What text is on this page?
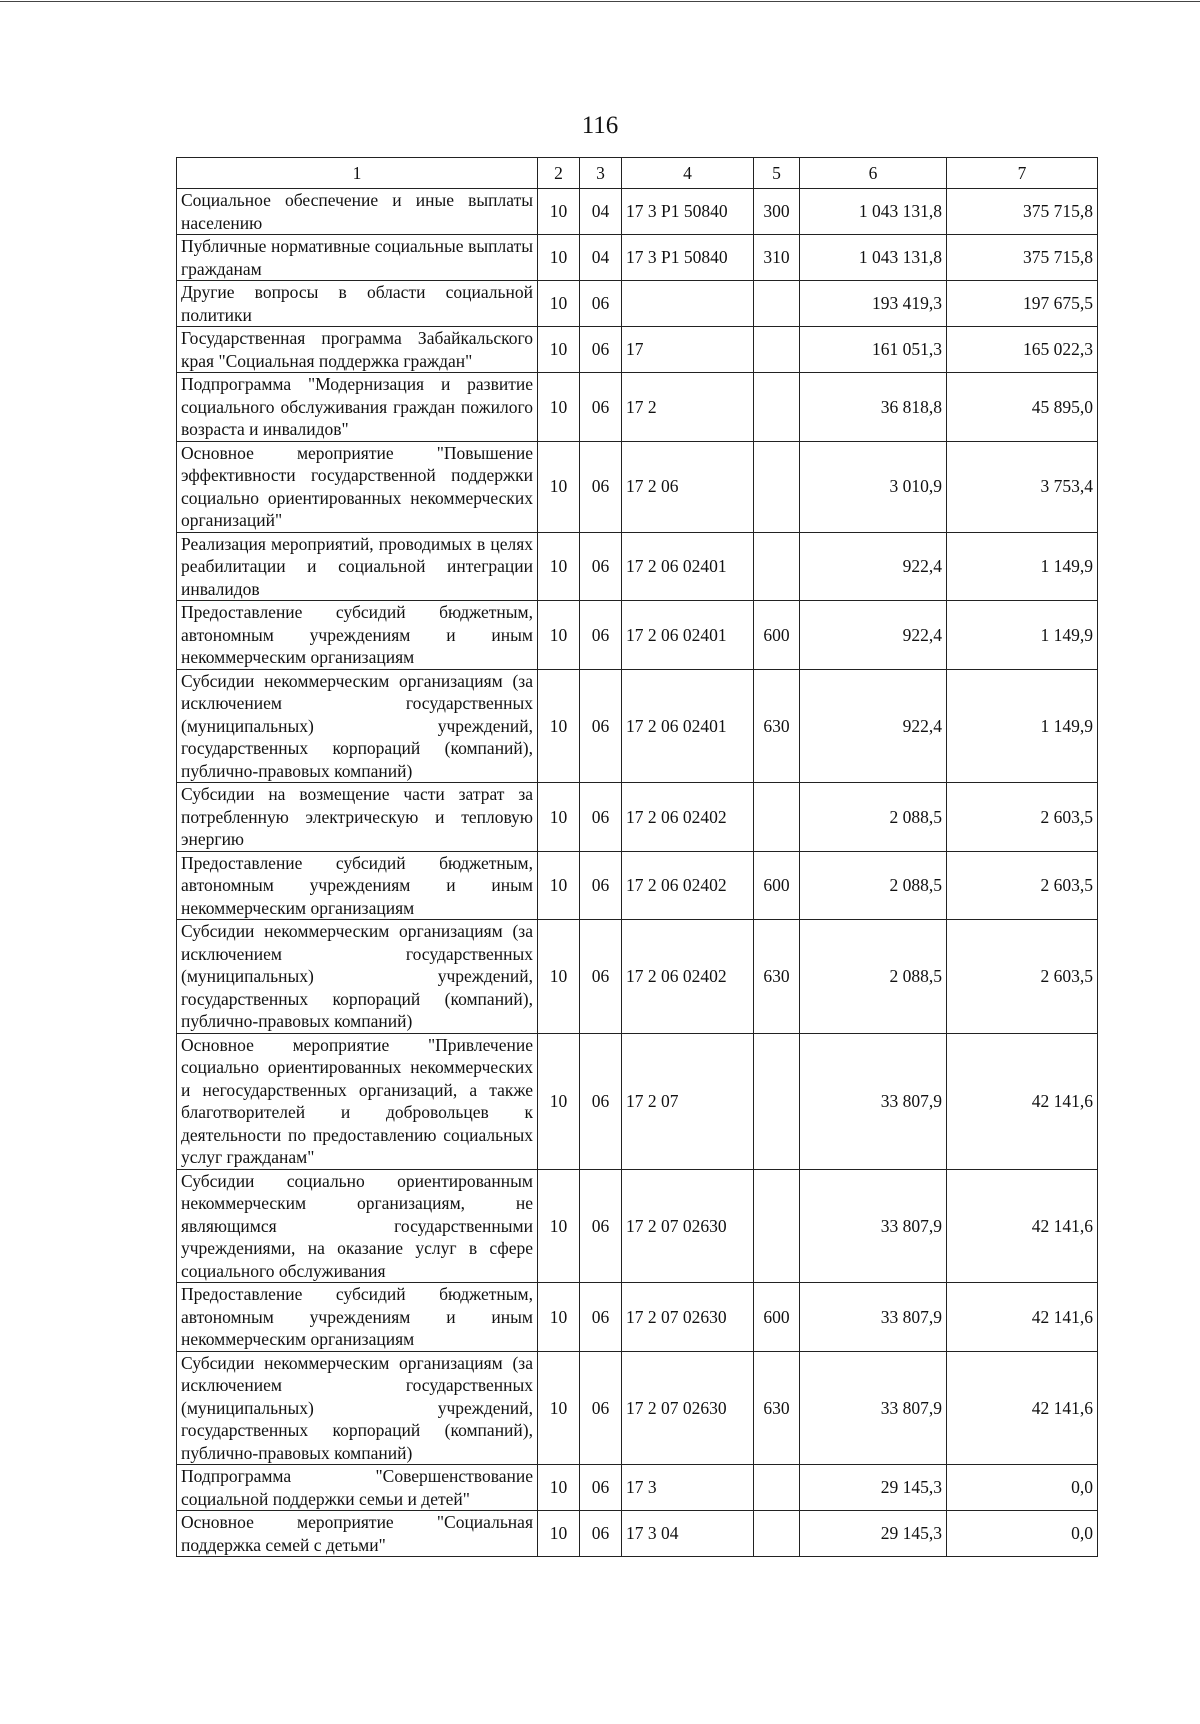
116
1	2	3	4	5	6	7
Социальное обеспечение и иные выплаты населению	10	04	17 3 P1 50840	300	1 043 131,8	375 715,8
Публичные нормативные социальные выплаты гражданам	10	04	17 3 P1 50840	310	1 043 131,8	375 715,8
Другие вопросы в области социальной политики	10	06			193 419,3	197 675,5
Государственная программа Забайкальского края "Социальная поддержка граждан"	10	06	17		161 051,3	165 022,3
Подпрограмма "Модернизация и развитие социального обслуживания граждан пожилого возраста и инвалидов"	10	06	17 2		36 818,8	45 895,0
Основное мероприятие "Повышение эффективности государственной поддержки социально ориентированных некоммерческих организаций"	10	06	17 2 06		3 010,9	3 753,4
Реализация мероприятий, проводимых в целях реабилитации и социальной интеграции инвалидов	10	06	17 2 06 02401		922,4	1 149,9
Предоставление субсидий бюджетным, автономным учреждениям и иным некоммерческим организациям	10	06	17 2 06 02401	600	922,4	1 149,9
Субсидии некоммерческим организациям (за исключением государственных (муниципальных) учреждений, государственных корпораций (компаний), публично-правовых компаний)	10	06	17 2 06 02401	630	922,4	1 149,9
Субсидии на возмещение части затрат за потребленную электрическую и тепловую энергию	10	06	17 2 06 02402		2 088,5	2 603,5
Предоставление субсидий бюджетным, автономным учреждениям и иным некоммерческим организациям	10	06	17 2 06 02402	600	2 088,5	2 603,5
Субсидии некоммерческим организациям (за исключением государственных (муниципальных) учреждений, государственных корпораций (компаний), публично-правовых компаний)	10	06	17 2 06 02402	630	2 088,5	2 603,5
Основное мероприятие "Привлечение социально ориентированных некоммерческих и негосударственных организаций, а также благотворителей и добровольцев к деятельности по предоставлению социальных услуг гражданам"	10	06	17 2 07		33 807,9	42 141,6
Субсидии социально ориентированным некоммерческим организациям, не являющимся государственными учреждениями, на оказание услуг в сфере социального обслуживания	10	06	17 2 07 02630		33 807,9	42 141,6
Предоставление субсидий бюджетным, автономным учреждениям и иным некоммерческим организациям	10	06	17 2 07 02630	600	33 807,9	42 141,6
Субсидии некоммерческим организациям (за исключением государственных (муниципальных) учреждений, государственных корпораций (компаний), публично-правовых компаний)	10	06	17 2 07 02630	630	33 807,9	42 141,6
Подпрограмма "Совершенствование социальной поддержки семьи и детей"	10	06	17 3		29 145,3	0,0
Основное мероприятие "Социальная поддержка семей с детьми"	10	06	17 3 04		29 145,3	0,0
